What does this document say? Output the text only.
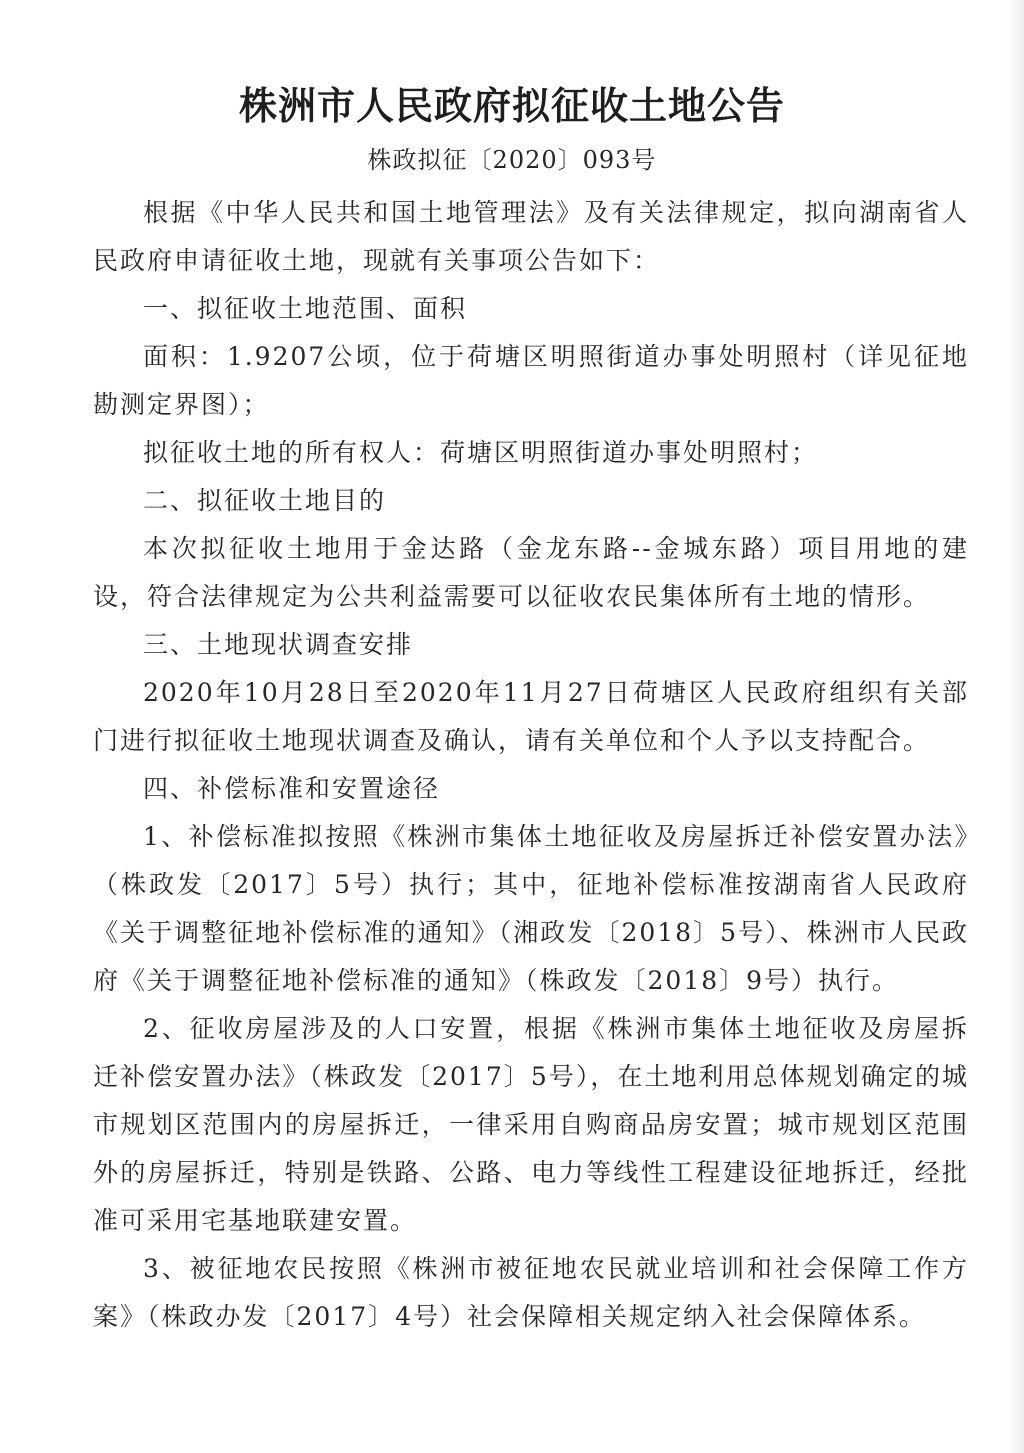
株洲市人民政府拟征收土地公告
株政拟征〔2020〕093号

根据《中华人民共和国土地管理法》及有关法律规定，拟向湖南省人民政府申请征收土地，现就有关事项公告如下：

一、拟征收土地范围、面积

面积：1.9207公顷，位于荷塘区明照街道办事处明照村（详见征地勘测定界图）；

拟征收土地的所有权人：荷塘区明照街道办事处明照村；

二、拟征收土地目的

本次拟征收土地用于金达路（金龙东路--金城东路）项目用地的建设，符合法律规定为公共利益需要可以征收农民集体所有土地的情形。

三、土地现状调查安排

2020年10月28日至2020年11月27日荷塘区人民政府组织有关部门进行拟征收土地现状调查及确认，请有关单位和个人予以支持配合。

四、补偿标准和安置途径

1、补偿标准拟按照《株洲市集体土地征收及房屋拆迁补偿安置办法》（株政发〔2017〕5号）执行；其中，征地补偿标准按湖南省人民政府《关于调整征地补偿标准的通知》（湘政发〔2018〕5号）、株洲市人民政府《关于调整征地补偿标准的通知》（株政发〔2018〕9号）执行。

2、征收房屋涉及的人口安置，根据《株洲市集体土地征收及房屋拆迁补偿安置办法》（株政发〔2017〕5号），在土地利用总体规划确定的城市规划区范围内的房屋拆迁，一律采用自购商品房安置；城市规划区范围外的房屋拆迁，特别是铁路、公路、电力等线性工程建设征地拆迁，经批准可采用宅基地联建安置。

3、被征地农民按照《株洲市被征地农民就业培训和社会保障工作方案》（株政办发〔2017〕4号）社会保障相关规定纳入社会保障体系。
